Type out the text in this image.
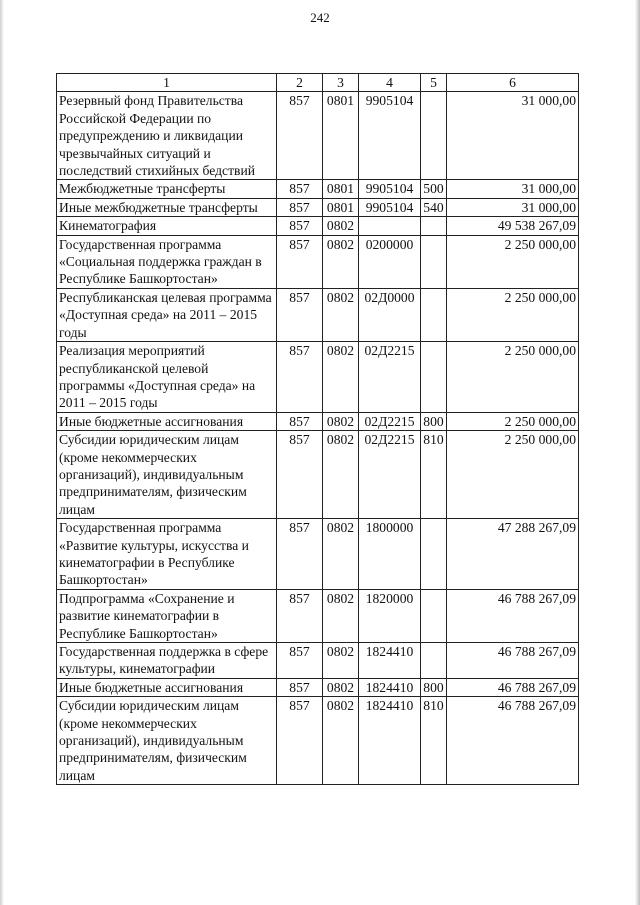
242
1	2	3	4	5	6
Резервный фонд Правительства Российской Федерации по предупреждению и ликвидации чрезвычайных ситуаций и последствий стихийных бедствий	857	0801	9905104		31 000,00
Межбюджетные трансферты	857	0801	9905104	500	31 000,00
Иные межбюджетные трансферты	857	0801	9905104	540	31 000,00
Кинематография	857	0802			49 538 267,09
Государственная программа «Социальная поддержка граждан в Республике Башкортостан»	857	0802	0200000		2 250 000,00
Республиканская целевая программа «Доступная среда» на 2011 – 2015 годы	857	0802	02Д0000		2 250 000,00
Реализация мероприятий республиканской целевой программы «Доступная среда» на 2011 – 2015 годы	857	0802	02Д2215		2 250 000,00
Иные бюджетные ассигнования	857	0802	02Д2215	800	2 250 000,00
Субсидии юридическим лицам (кроме некоммерческих организаций), индивидуальным предпринимателям, физическим лицам	857	0802	02Д2215	810	2 250 000,00
Государственная программа «Развитие культуры, искусства и кинематографии в Республике Башкортостан»	857	0802	1800000		47 288 267,09
Подпрограмма «Сохранение и развитие кинематографии в Республике Башкортостан»	857	0802	1820000		46 788 267,09
Государственная поддержка в сфере культуры, кинематографии	857	0802	1824410		46 788 267,09
Иные бюджетные ассигнования	857	0802	1824410	800	46 788 267,09
Субсидии юридическим лицам (кроме некоммерческих организаций), индивидуальным предпринимателям, физическим лицам	857	0802	1824410	810	46 788 267,09
